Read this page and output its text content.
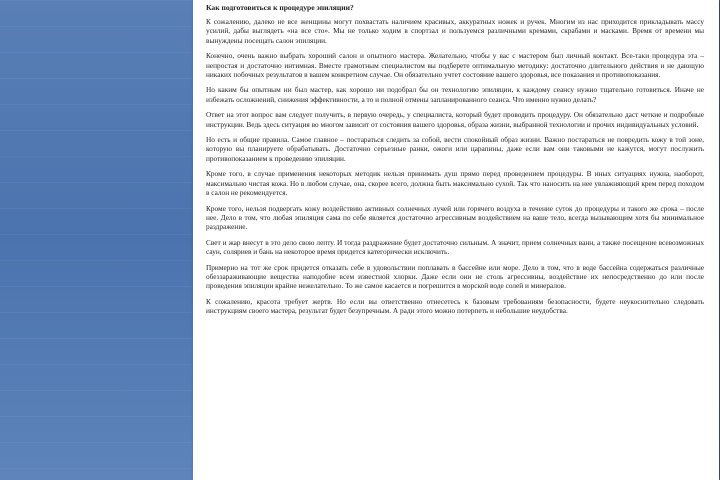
Как подготовиться к процедуре эпиляции?

К сожалению, далеко не все женщины могут похвастать наличием красивых, аккуратных ножек и ручек. Многим из нас приходится прикладывать массу усилий, дабы выглядеть «на все сто». Мы не только ходим в спортзал и пользуемся различными кремами, скрабами и масками. Время от времени мы вынуждены посещать салон эпиляции.

Конечно, очень важно выбрать хороший салон и опытного мастера. Желательно, чтобы у вас с мастером был личный контакт. Все-таки процедура эта – непростая и достаточно интимная. Вместе грамотным специалистом вы подберете оптимальную методику: достаточно длительного действия и не дающую никаких побочных результатов в вашем конкретном случае. Он обязательно учтет состояние вашего здоровья, все показания и противопоказания.

Но каким бы опытным ни был мастер, как хорошо ни подобрал бы он технологию эпиляции, к каждому сеансу нужно тщательно готовиться. Иначе не избежать осложнений, снижения эффективности, а то и полной отмены запланированного сеанса. Что именно нужно делать?

Ответ на этот вопрос вам следует получить, в первую очередь, у специалиста, который будет проводить процедуру. Он обязательно даст четкие и подробные инструкции. Ведь здесь ситуация во многом зависит от состояния вашего здоровья, образа жизни, выбранной технологии и прочих индивидуальных условий.

Но есть и общие правила. Самое главное – постараться следить за собой, вести спокойный образ жизни. Важно постараться не повредить кожу в той зоне, которую вы планируете обрабатывать. Достаточно серьезные ранки, ожоги или царапины, даже если вам они таковыми не кажутся, могут послужить противопоказанием к проведению эпиляции.

Кроме того, в случае применения некоторых методик нельзя принимать душ прямо перед проведением процедуры. В иных ситуациях нужна, наоборот, максимально чистая кожа. Но в любом случае, она, скорее всего, должна быть максимально сухой. Так что наносить на нее увлажняющий крем перед походом в салон не рекомендуется.

Кроме того, нельзя подвергать кожу воздействию активных солнечных лучей или горячего воздуха в течение суток до процедуры и такого же срока – после нее. Дело в том, что любая эпиляция сама по себе является достаточно агрессивным воздействием на ваше тело, всегда вызывающим хотя бы минимальное раздражение.

Свет и жар внесут в это дело свою лепту. И тогда раздражение будет достаточно сильным. А значит, прием солнечных ванн, а также посещение всевозможных саун, соляриев и бань на некоторое время придется категорически исключить.

Примерно на тот же срок придется отказать себе в удовольствии поплавать в бассейне или море. Дело в том, что в воде бассейна содержаться различные обеззараживающие вещества наподобие всем известной хлорки. Даже если они не столь агрессивны, воздействие их непосредственно до или после проведения эпиляции крайне нежелательно. То же самое касается и погрешится в морской воде солей и минералов.

К сожалению, красота требует жертв. Но если вы ответственно отнесетесь к базовым требованиям безопасности, будете неукоснительно следовать инструкциям своего мастера, результат будет безупречным. А ради этого можно потерпеть и небольшие неудобства.
